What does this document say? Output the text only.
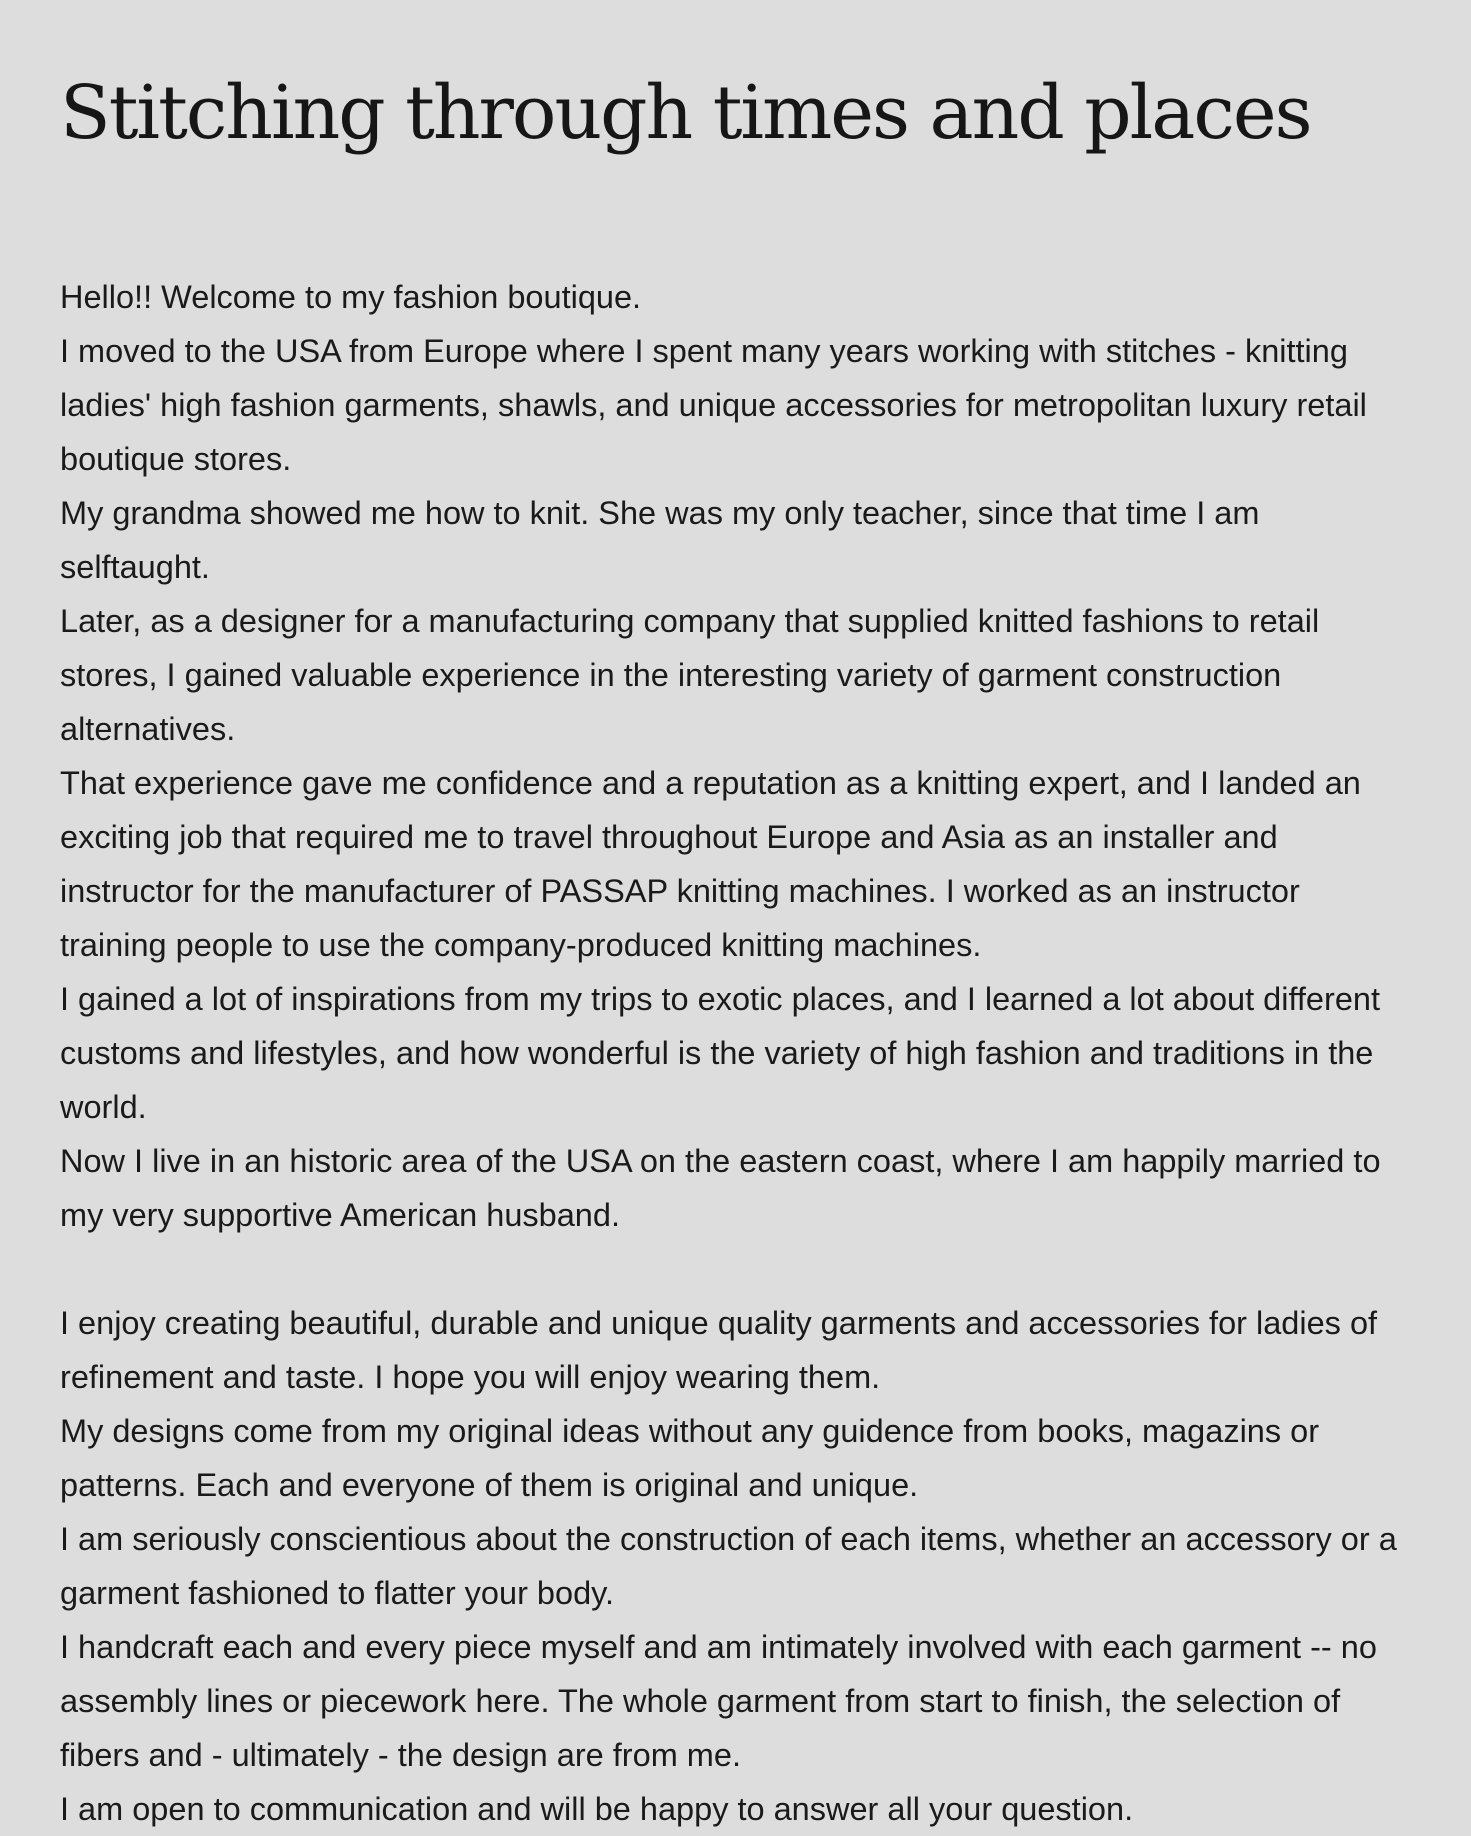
Stitching through times and places

Hello!! Welcome to my fashion boutique.

I moved to the USA from Europe where I spent many years working with stitches - knitting ladies' high fashion garments, shawls, and unique accessories for metropolitan luxury retail boutique stores.

My grandma showed me how to knit. She was my only teacher, since that time I am selftaught.

Later, as a designer for a manufacturing company that supplied knitted fashions to retail stores, I gained valuable experience in the interesting variety of garment construction alternatives.

That experience gave me confidence and a reputation as a knitting expert, and I landed an exciting job that required me to travel throughout Europe and Asia as an installer and instructor for the manufacturer of PASSAP knitting machines. I worked as an instructor training people to use the company-produced knitting machines.

I gained a lot of inspirations from my trips to exotic places, and I learned a lot about different customs and lifestyles, and how wonderful is the variety of high fashion and traditions in the world.

Now I live in an historic area of the USA on the eastern coast, where I am happily married to my very supportive American husband.

I enjoy creating beautiful, durable and unique quality garments and accessories for ladies of refinement and taste. I hope you will enjoy wearing them.

My designs come from my original ideas without any guidence from books, magazins or patterns. Each and everyone of them is original and unique.

I am seriously conscientious about the construction of each items, whether an accessory or a garment fashioned to flatter your body.

I handcraft each and every piece myself and am intimately involved with each garment -- no assembly lines or piecework here. The whole garment from start to finish, the selection of fibers and - ultimately - the design are from me.

I am open to communication and will be happy to answer all your question.
